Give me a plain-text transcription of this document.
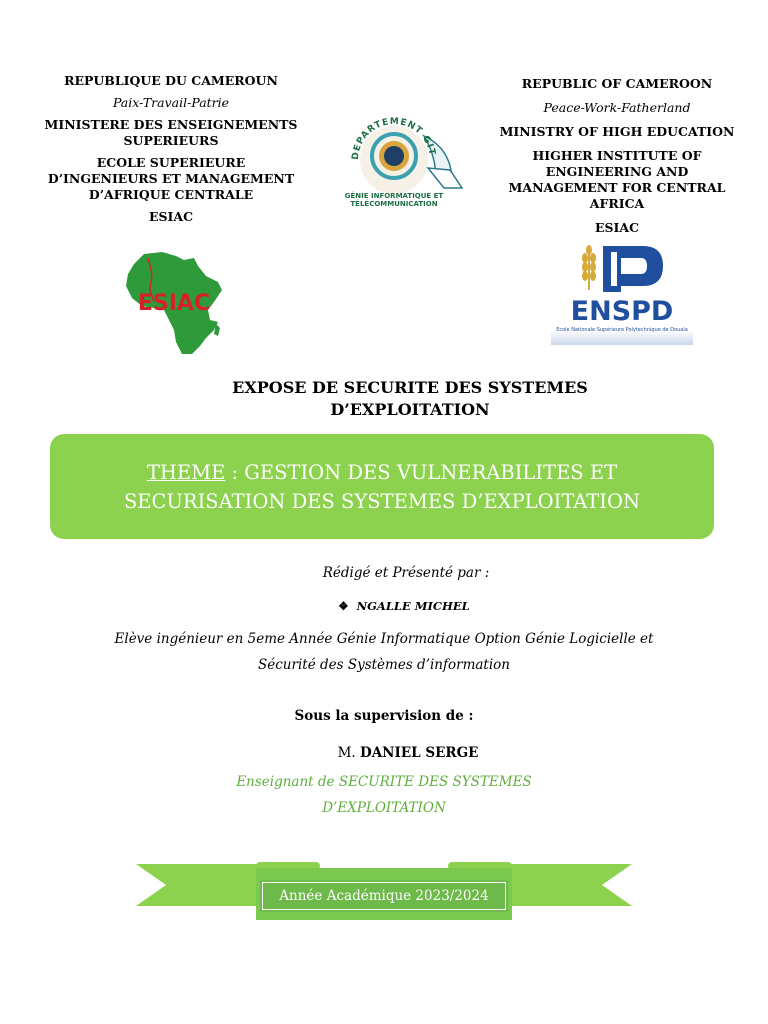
REPUBLIQUE DU CAMEROUN
Paix-Travail-Patrie
MINISTERE DES ENSEIGNEMENTS SUPERIEURS
ECOLE SUPERIEURE D’INGENIEURS ET MANAGEMENT D’AFRIQUE CENTRALE
ESIAC
REPUBLIC OF CAMEROON
Peace-Work-Fatherland
MINISTRY OF HIGH EDUCATION
HIGHER INSTITUTE OF ENGINEERING AND MANAGEMENT FOR CENTRAL AFRICA
ESIAC
ESIAC
DEPARTEMENT GIT
GÉNIE INFORMATIQUE ET
TÉLÉCOMMUNICATION
ENSPD
Ecole Nationale Supérieure Polytechnique de Douala
EXPOSE DE SECURITE DES SYSTEMES D’EXPLOITATION
THEME : GESTION DES VULNERABILITES ET SECURISATION DES SYSTEMES D’EXPLOITATION
Rédigé et Présenté par :
❖ NGALLE MICHEL
Elève ingénieur en 5eme Année Génie Informatique Option Génie Logicielle et
Sécurité des Systèmes d’information
Sous la supervision de :
M. DANIEL SERGE
Enseignant de SECURITE DES SYSTEMES
D’EXPLOITATION
Année Académique 2023/2024
